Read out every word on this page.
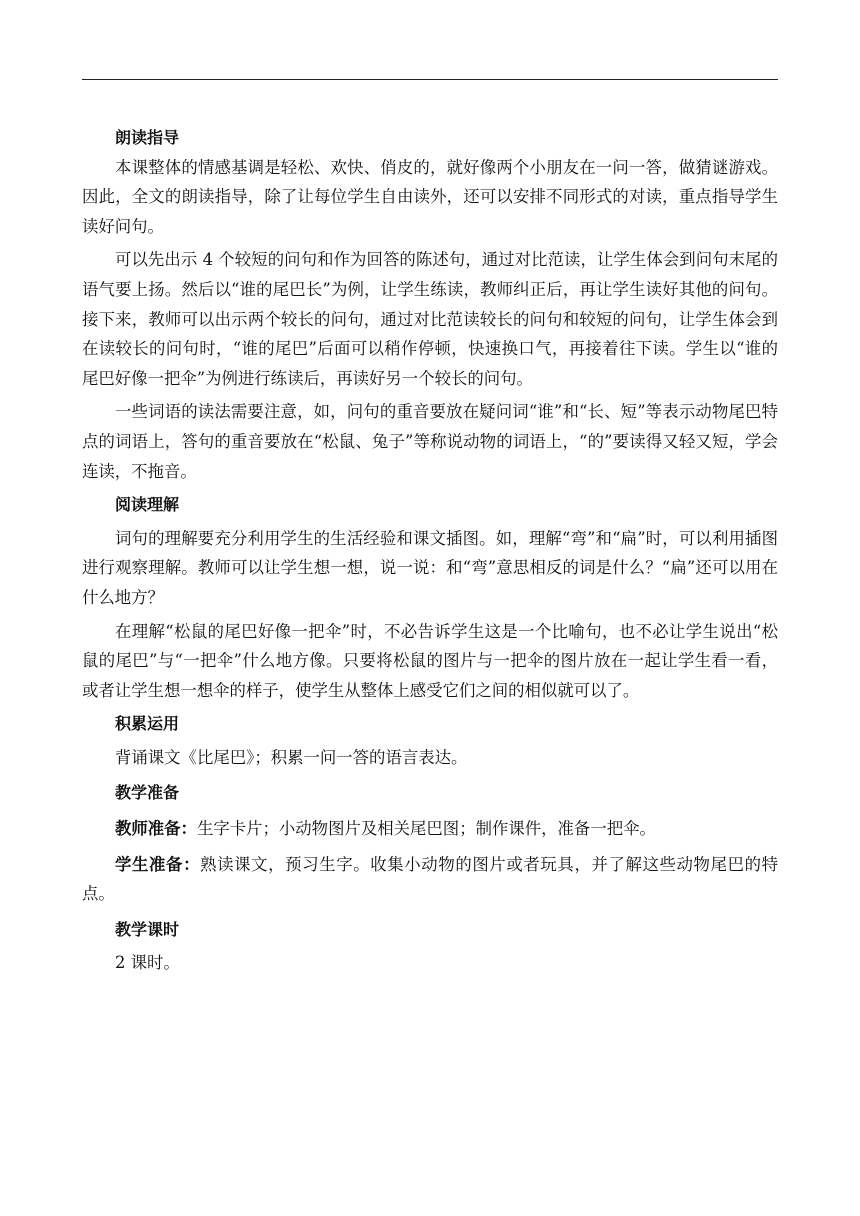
朗读指导

本课整体的情感基调是轻松、欢快、俏皮的，就好像两个小朋友在一问一答，做猜谜游戏。因此，全文的朗读指导，除了让每位学生自由读外，还可以安排不同形式的对读，重点指导学生读好问句。

可以先出示 4 个较短的问句和作为回答的陈述句，通过对比范读，让学生体会到问句末尾的语气要上扬。然后以“谁的尾巴长”为例，让学生练读，教师纠正后，再让学生读好其他的问句。接下来，教师可以出示两个较长的问句，通过对比范读较长的问句和较短的问句，让学生体会到在读较长的问句时，“谁的尾巴”后面可以稍作停顿，快速换口气，再接着往下读。学生以“谁的尾巴好像一把伞”为例进行练读后，再读好另一个较长的问句。

一些词语的读法需要注意，如，问句的重音要放在疑问词“谁”和“长、短”等表示动物尾巴特点的词语上，答句的重音要放在“松鼠、兔子”等称说动物的词语上，“的”要读得又轻又短，学会连读，不拖音。

阅读理解

词句的理解要充分利用学生的生活经验和课文插图。如，理解“弯”和“扁”时，可以利用插图进行观察理解。教师可以让学生想一想，说一说：和“弯”意思相反的词是什么？“扁”还可以用在什么地方？

在理解“松鼠的尾巴好像一把伞”时，不必告诉学生这是一个比喻句，也不必让学生说出“松鼠的尾巴”与“一把伞”什么地方像。只要将松鼠的图片与一把伞的图片放在一起让学生看一看，或者让学生想一想伞的样子，使学生从整体上感受它们之间的相似就可以了。

积累运用

背诵课文《比尾巴》；积累一问一答的语言表达。

教学准备

教师准备：生字卡片；小动物图片及相关尾巴图；制作课件，准备一把伞。

学生准备：熟读课文，预习生字。收集小动物的图片或者玩具，并了解这些动物尾巴的特点。

教学课时

2 课时。
